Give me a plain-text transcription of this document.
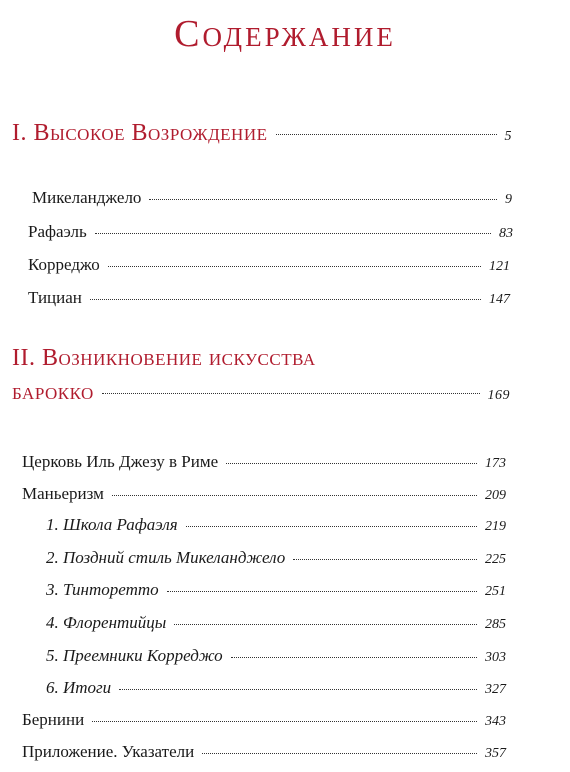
Содержание
I. Высокое Возрождение	5
Микеланджело	9
Рафаэль	83
Корреджо	121
Тициан	147
II. Возникновение искусства
барокко	169
Церковь Иль Джезу в Риме	173
Маньеризм	209
1. Школа Рафаэля	219
2. Поздний стиль Микеланджело	225
3. Тинторетто	251
4. Флорентийцы	285
5. Преемники Корреджо	303
6. Итоги	327
Бернини	343
Приложение. Указатели	357
